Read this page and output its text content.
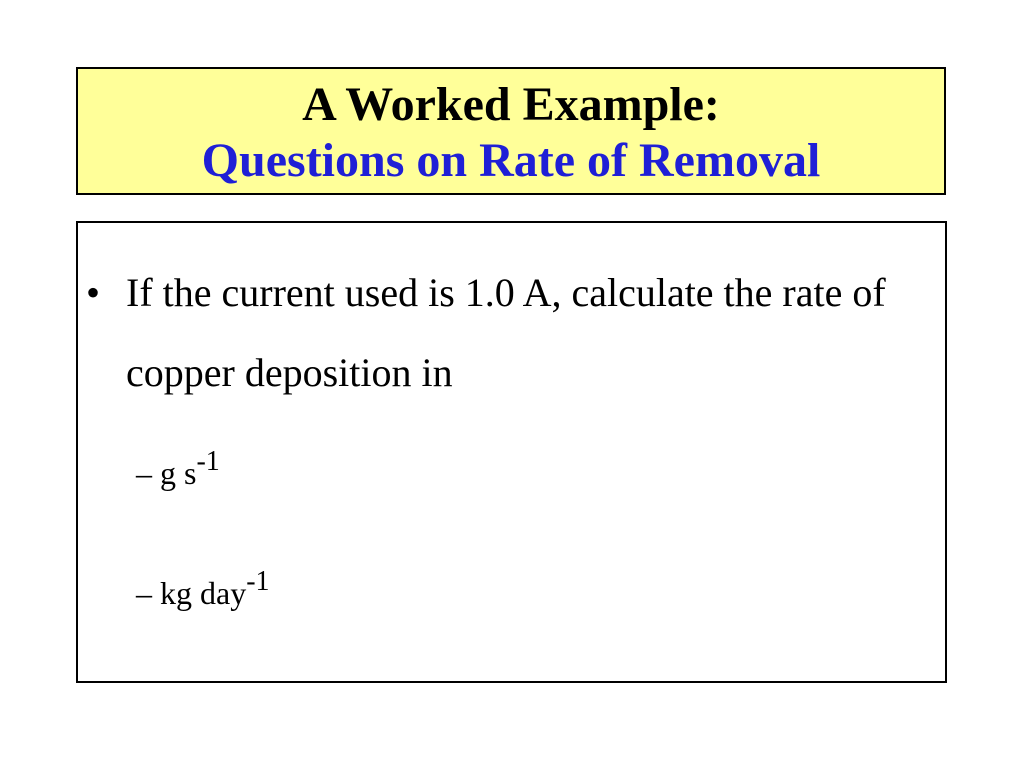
A Worked Example:
Questions on Rate of Removal
• If the current used is 1.0 A, calculate the rate of copper deposition in
– g $s^{-1}$
– kg day$^{-1}$
